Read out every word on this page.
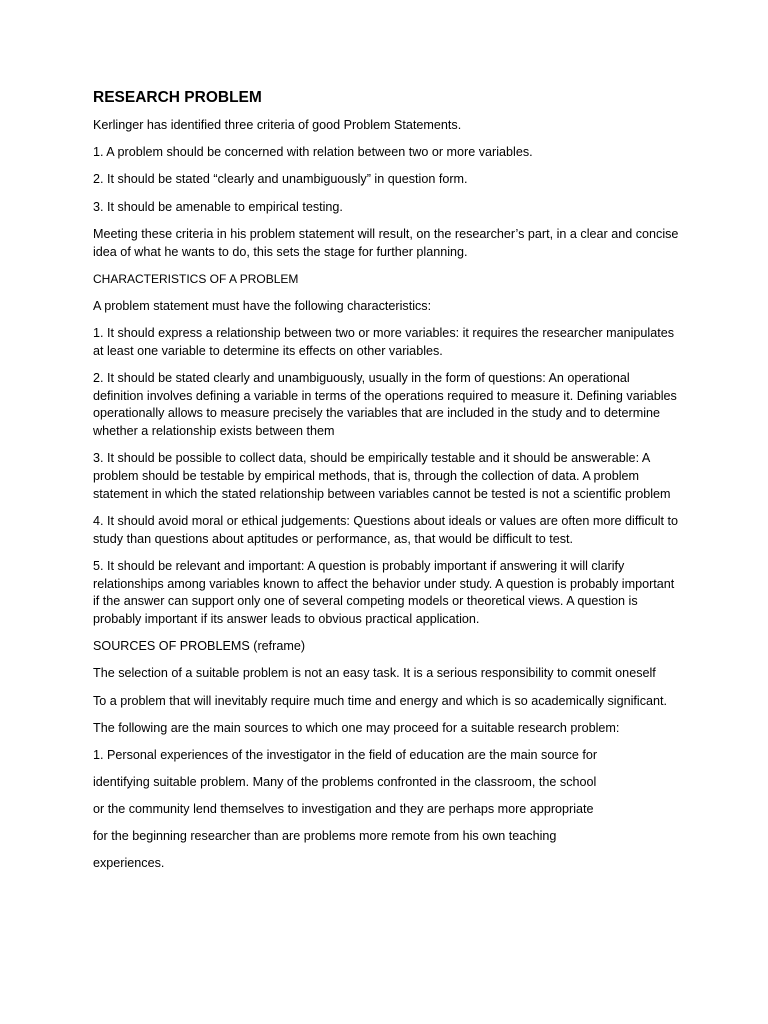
RESEARCH PROBLEM

Kerlinger has identified three criteria of good Problem Statements.

1. A problem should be concerned with relation between two or more variables.

2. It should be stated “clearly and unambiguously” in question form.

3. It should be amenable to empirical testing.

Meeting these criteria in his problem statement will result, on the researcher’s part, in a clear and concise idea of what he wants to do, this sets the stage for further planning.

CHARACTERISTICS OF A PROBLEM

A problem statement must have the following characteristics:

1. It should express a relationship between two or more variables: it requires the researcher manipulates at least one variable to determine its effects on other variables.

2. It should be stated clearly and unambiguously, usually in the form of questions: An operational definition involves defining a variable in terms of the operations required to measure it. Defining variables operationally allows to measure precisely the variables that are included in the study and to determine whether a relationship exists between them

3. It should be possible to collect data, should be empirically testable and it should be answerable: A problem should be testable by empirical methods, that is, through the collection of data. A problem statement in which the stated relationship between variables cannot be tested is not a scientific problem

4. It should avoid moral or ethical judgements: Questions about ideals or values are often more difficult to study than questions about aptitudes or performance, as, that would be difficult to test.

5. It should be relevant and important: A question is probably important if answering it will clarify relationships among variables known to affect the behavior under study. A question is probably important if the answer can support only one of several competing models or theoretical views. A question is probably important if its answer leads to obvious practical application.

SOURCES OF PROBLEMS (reframe)

The selection of a suitable problem is not an easy task. It is a serious responsibility to commit oneself

To a problem that will inevitably require much time and energy and which is so academically significant.

The following are the main sources to which one may proceed for a suitable research problem:

1. Personal experiences of the investigator in the field of education are the main source for

identifying suitable problem. Many of the problems confronted in the classroom, the school

or the community lend themselves to investigation and they are perhaps more appropriate

for the beginning researcher than are problems more remote from his own teaching

experiences.
